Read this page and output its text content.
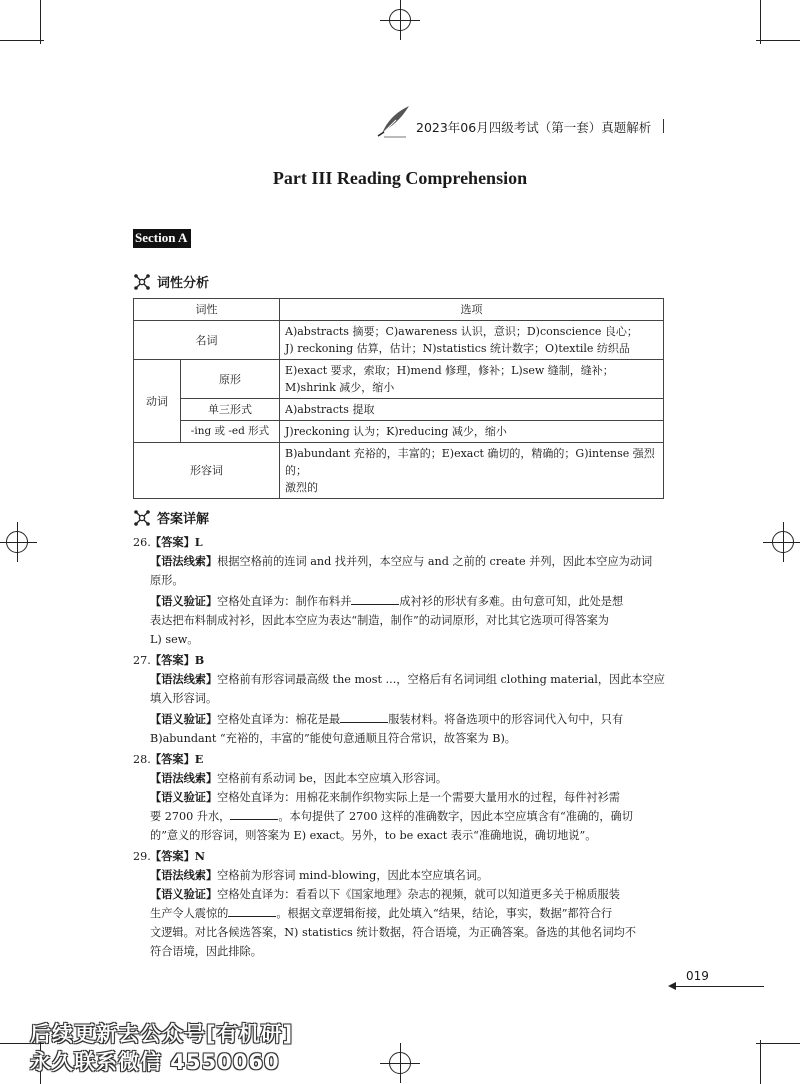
2023年06月四级考试（第一套）真题解析
Part III Reading Comprehension
Section A
词性分析
词性		选项
名词		A)abstracts 摘要；C)awareness 认识，意识；D)conscience 良心；
J) reckoning 估算，估计；N)statistics 统计数字；O)textile 纺织品

动词	原形	E)exact 要求，索取；H)mend 修理，修补；L)sew 缝制，缝补；
M)shrink 减少，缩小

	单三形式	A)abstracts 提取
	-ing 或 -ed 形式	J)reckoning 认为；K)reducing 减少，缩小
形容词		B)abundant 充裕的，丰富的；E)exact 确切的，精确的；G)intense 强烈的；
激烈的
答案详解
26. 【答案】L
【语法线索】根据空格前的连词 and 找并列，本空应与 and 之前的 create 并列，因此本空应为动词
原形。
【语义验证】空格处直译为：制作布料并	成衬衫的形状有多难。由句意可知，此处是想
表达把布料制成衬衫，因此本空应为表达“制造，制作”的动词原形，对比其它选项可得答案为
L) sew。
27. 【答案】B
【语法线索】空格前有形容词最高级 the most ...，空格后有名词词组 clothing material，因此本空应
填入形容词。
【语义验证】空格处直译为：棉花是最	服装材料。将备选项中的形容词代入句中，只有
B)abundant “充裕的，丰富的”能使句意通顺且符合常识，故答案为 B)。
28. 【答案】E
【语法线索】空格前有系动词 be，因此本空应填入形容词。
【语义验证】空格处直译为：用棉花来制作织物实际上是一个需要大量用水的过程，每件衬衫需
要 2700 升水，	。本句提供了 2700 这样的准确数字，因此本空应填含有“准确的，确切
的”意义的形容词，则答案为 E) exact。另外，to be exact 表示“准确地说，确切地说”。
29. 【答案】N
【语法线索】空格前为形容词 mind-blowing，因此本空应填名词。
【语义验证】空格处直译为：看看以下《国家地理》杂志的视频，就可以知道更多关于棉质服装
生产令人震惊的	。根据文章逻辑衔接，此处填入“结果，结论，事实，数据”都符合行
文逻辑。对比各候选答案，N) statistics 统计数据，符合语境，为正确答案。备选的其他名词均不
符合语境，因此排除。
019
后续更新去公众号[有机研]
永久联系微信 4550060
